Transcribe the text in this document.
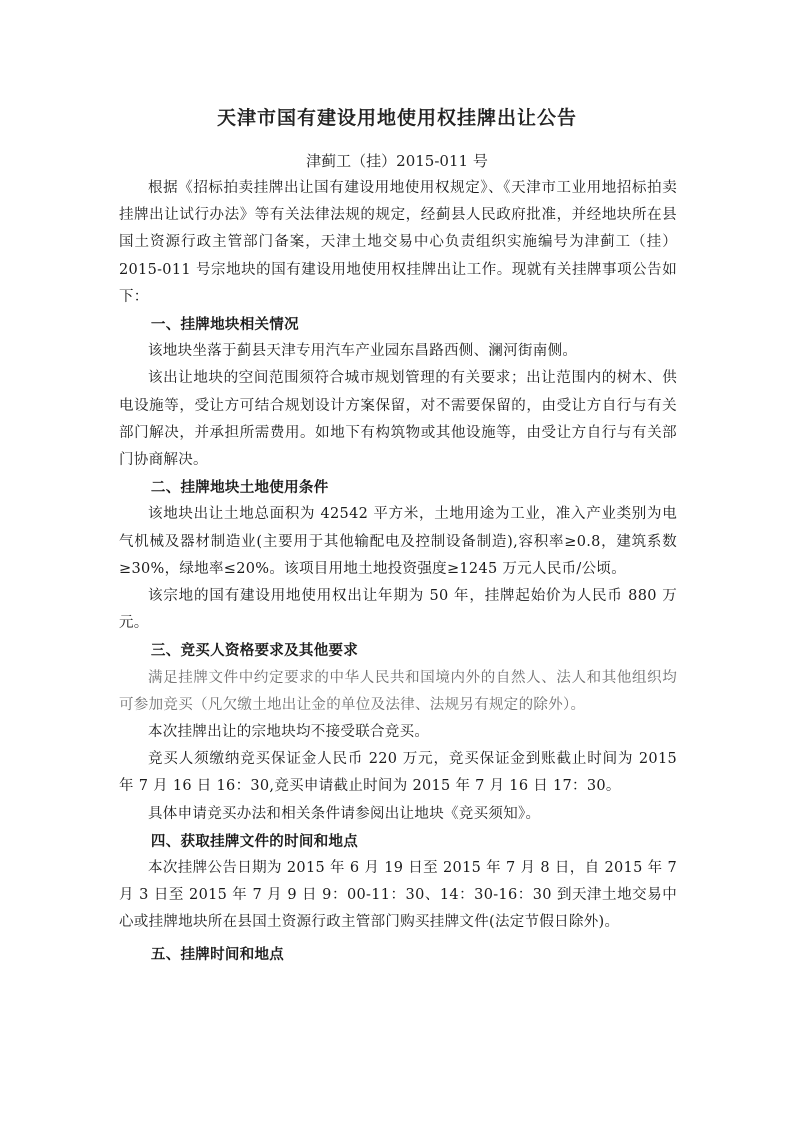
天津市国有建设用地使用权挂牌出让公告
津蓟工（挂）2015-011 号

根据《招标拍卖挂牌出让国有建设用地使用权规定》、《天津市工业用地招标拍卖挂牌出让试行办法》等有关法律法规的规定，经蓟县人民政府批准，并经地块所在县国土资源行政主管部门备案，天津土地交易中心负责组织实施编号为津蓟工（挂）2015-011 号宗地块的国有建设用地使用权挂牌出让工作。现就有关挂牌事项公告如下：

一、挂牌地块相关情况

该地块坐落于蓟县天津专用汽车产业园东昌路西侧、澜河街南侧。

该出让地块的空间范围须符合城市规划管理的有关要求；出让范围内的树木、供电设施等，受让方可结合规划设计方案保留，对不需要保留的，由受让方自行与有关部门解决，并承担所需费用。如地下有构筑物或其他设施等，由受让方自行与有关部门协商解决。

二、挂牌地块土地使用条件

该地块出让土地总面积为 42542 平方米，土地用途为工业，准入产业类别为电气机械及器材制造业(主要用于其他输配电及控制设备制造),容积率≥0.8，建筑系数≥30%，绿地率≤20%。该项目用地土地投资强度≥1245 万元人民币/公顷。

该宗地的国有建设用地使用权出让年期为 50 年，挂牌起始价为人民币 880 万元。

三、竞买人资格要求及其他要求

满足挂牌文件中约定要求的中华人民共和国境内外的自然人、法人和其他组织均可参加竞买（凡欠缴土地出让金的单位及法律、法规另有规定的除外）。

本次挂牌出让的宗地块均不接受联合竞买。

竞买人须缴纳竞买保证金人民币 220 万元，竞买保证金到账截止时间为 2015 年 7 月 16 日 16：30,竞买申请截止时间为 2015 年 7 月 16 日 17：30。

具体申请竞买办法和相关条件请参阅出让地块《竞买须知》。

四、获取挂牌文件的时间和地点

本次挂牌公告日期为 2015 年 6 月 19 日至 2015 年 7 月 8 日，自 2015 年 7 月 3 日至 2015 年 7 月 9 日 9：00-11：30、14：30-16：30 到天津土地交易中心或挂牌地块所在县国土资源行政主管部门购买挂牌文件(法定节假日除外)。

五、挂牌时间和地点
